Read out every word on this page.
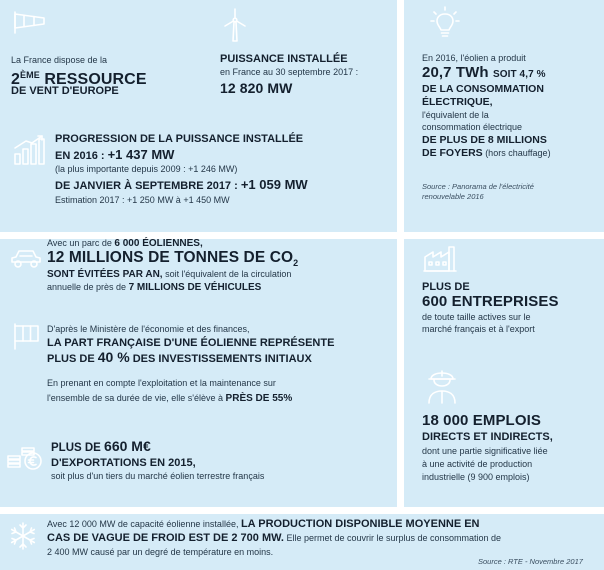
La France dispose de la
2ÈME RESSOURCE
DE VENT D'EUROPE
PUISSANCE INSTALLÉE
en France au 30 septembre 2017 :
12 820 MW
En 2016, l'éolien a produit
20,7 TWh SOIT 4,7 %
DE LA CONSOMMATION
ÉLECTRIQUE,
l'équivalent de la
consommation électrique
DE PLUS DE 8 MILLIONS
DE FOYERS (hors chauffage)
Source : Panorama de l'électricité
renouvelable 2016
PROGRESSION DE LA PUISSANCE INSTALLÉE
EN 2016 : +1 437 MW
(la plus importante depuis 2009 : +1 246 MW)
DE JANVIER À SEPTEMBRE 2017 : +1 059 MW
Estimation 2017 : +1 250 MW à +1 450 MW
Avec un parc de 6 000 ÉOLIENNES,
12 MILLIONS DE TONNES DE $CO_2$
SONT ÉVITÉES PAR AN, soit l'équivalent de la circulation
annuelle de près de 7 MILLIONS DE VÉHICULES
D'après le Ministère de l'économie et des finances,
LA PART FRANÇAISE D'UNE ÉOLIENNE REPRÉSENTE
PLUS DE 40 % DES INVESTISSEMENTS INITIAUX
En prenant en compte l'exploitation et la maintenance sur
l'ensemble de sa durée de vie, elle s'élève à PRÈS DE 55%
PLUS DE 660 M€
D'EXPORTATIONS EN 2015,
soit plus d'un tiers du marché éolien terrestre français
PLUS DE
600 ENTREPRISES
de toute taille actives sur le
marché français et à l'export
18 000 EMPLOIS
DIRECTS ET INDIRECTS,
dont une partie significative liée
à une activité de production
industrielle (9 900 emplois)
Avec 12 000 MW de capacité éolienne installée, LA PRODUCTION DISPONIBLE MOYENNE EN
CAS DE VAGUE DE FROID EST DE 2 700 MW. Elle permet de couvrir le surplus de consommation de
2 400 MW causé par un degré de température en moins.
Source : RTE - Novembre 2017
